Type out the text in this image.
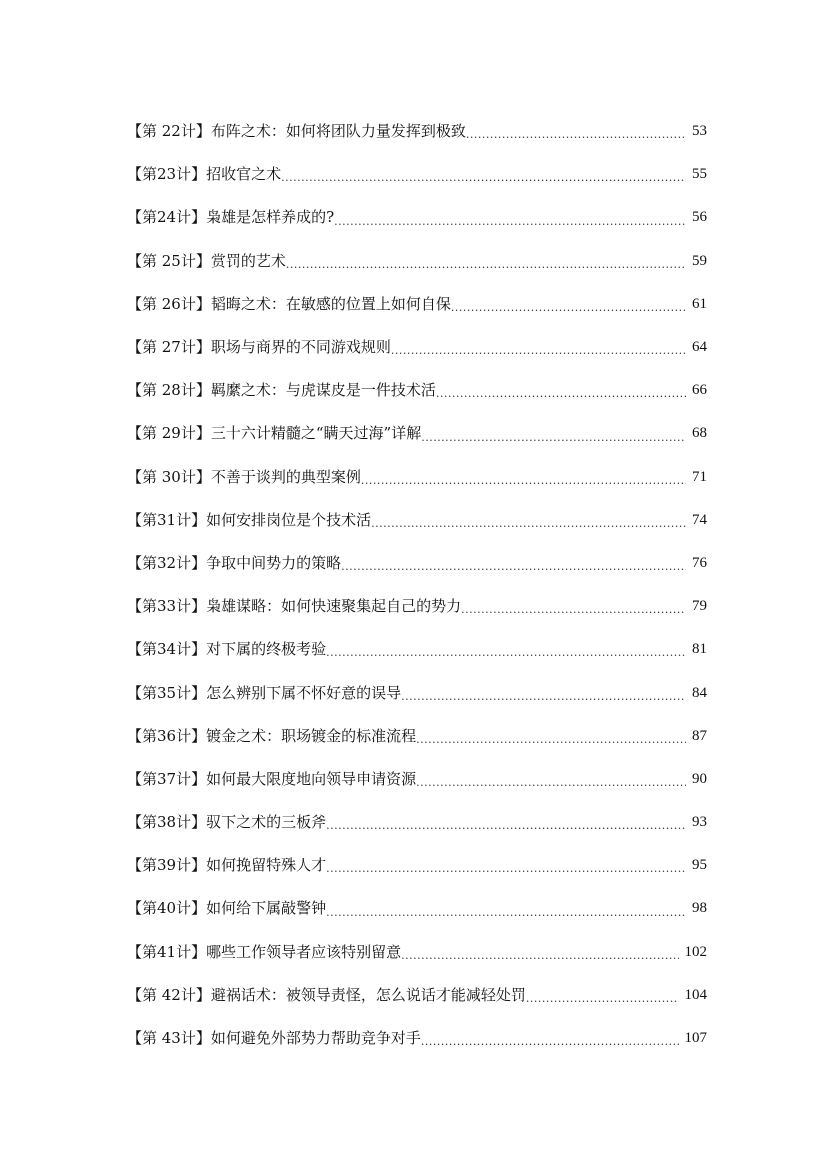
【第 22计】布阵之术：如何将团队力量发挥到极致 .....	53
【第23计】招收官之术 .....	55
【第24计】枭雄是怎样养成的? .....	56
【第 25计】赏罚的艺术 .....	59
【第 26计】韬晦之术：在敏感的位置上如何自保 .....	61
【第 27计】职场与商界的不同游戏规则 .....	64
【第 28计】羁縻之术：与虎谋皮是一件技术活 .....	66
【第 29计】三十六计精髓之“瞒天过海”详解 .....	68
【第 30计】不善于谈判的典型案例 .....	71
【第31计】如何安排岗位是个技术活 .....	74
【第32计】争取中间势力的策略 .....	76
【第33计】枭雄谋略：如何快速聚集起自己的势力 .....	79
【第34计】对下属的终极考验 .....	81
【第35计】怎么辨别下属不怀好意的误导 .....	84
【第36计】镀金之术：职场镀金的标准流程 .....	87
【第37计】如何最大限度地向领导申请资源 .....	90
【第38计】驭下之术的三板斧 .....	93
【第39计】如何挽留特殊人才 .....	95
【第40计】如何给下属敲警钟 .....	98
【第41计】哪些工作领导者应该特别留意 .....	102
【第 42计】避祸话术：被领导责怪，怎么说话才能减轻处罚 .....	104
【第 43计】如何避免外部势力帮助竞争对手 .....	107
